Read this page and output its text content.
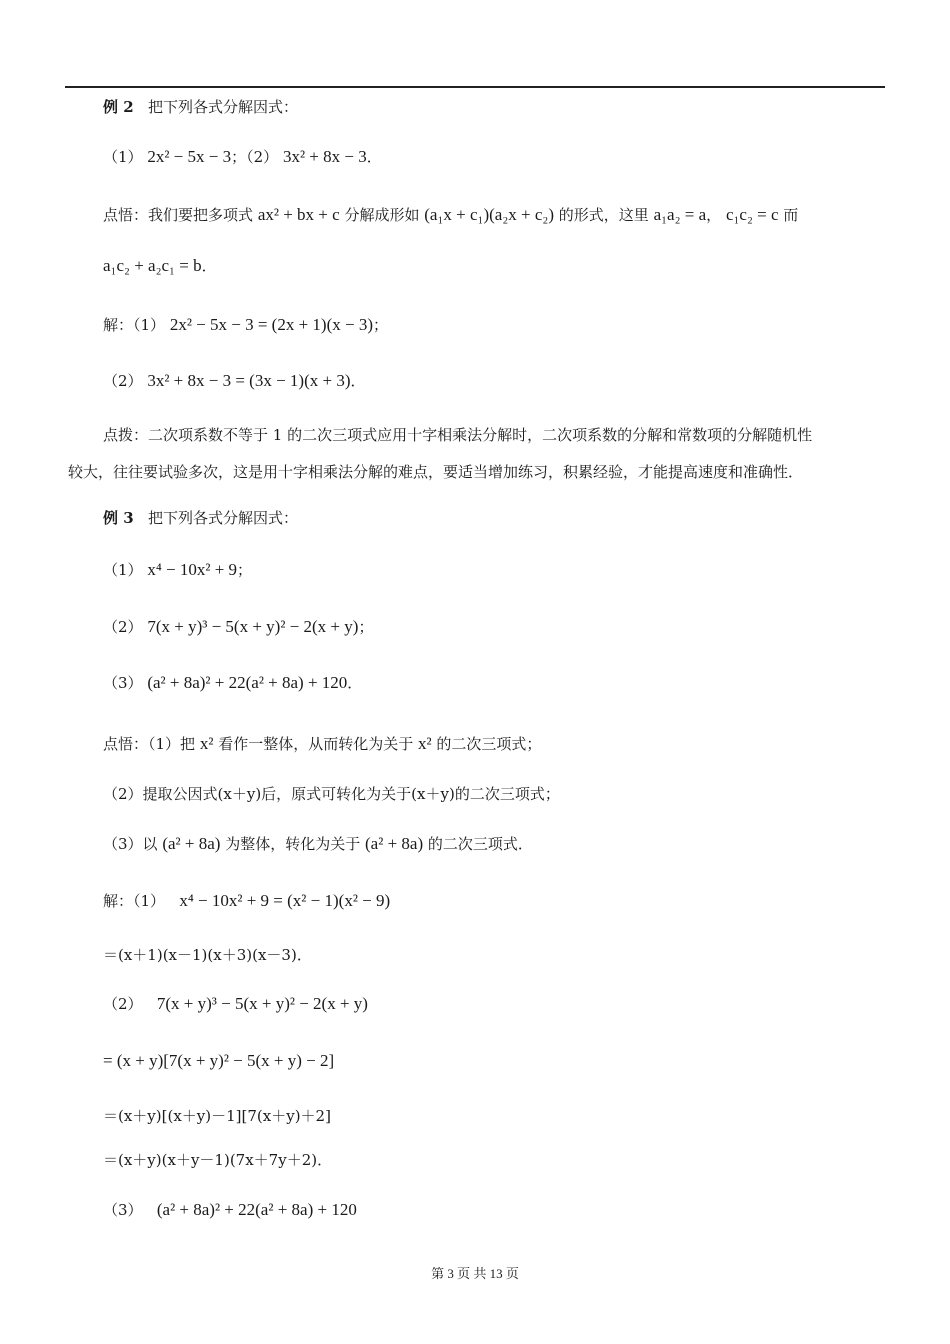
例 2 把下列各式分解因式：
（1） 2x² − 5x − 3；（2） 3x² + 8x − 3．
点悟：我们要把多项式 ax² + bx + c 分解成形如 (a₁x + c₁)(a₂x + c₂) 的形式，这里 a₁a₂ = a， c₁c₂ = c 而
a₁c₂ + a₂c₁ = b．
解：（1） 2x² − 5x − 3 = (2x + 1)(x − 3)；
（2） 3x² + 8x − 3 = (3x − 1)(x + 3)．
点拨：二次项系数不等于 1 的二次三项式应用十字相乘法分解时，二次项系数的分解和常数项的分解随机性
较大，往往要试验多次，这是用十字相乘法分解的难点，要适当增加练习，积累经验，才能提高速度和准确性．
例 3 把下列各式分解因式：
（1） x⁴ − 10x² + 9；
（2） 7(x + y)³ − 5(x + y)² − 2(x + y)；
（3） (a² + 8a)² + 22(a² + 8a) + 120．
点悟：（1）把 x² 看作一整体，从而转化为关于 x² 的二次三项式；
（2）提取公因式(x＋y)后，原式可转化为关于(x＋y)的二次三项式；
（3）以 (a² + 8a) 为整体，转化为关于 (a² + 8a) 的二次三项式．
解：（1） x⁴ − 10x² + 9 = (x² − 1)(x² − 9)
＝(x＋1)(x－1)(x＋3)(x－3)．
（2） 7(x + y)³ − 5(x + y)² − 2(x + y)
= (x + y)[7(x + y)² − 5(x + y) − 2]
＝(x＋y)[(x＋y)－1][7(x＋y)＋2]
＝(x＋y)(x＋y－1)(7x＋7y＋2)．
（3） (a² + 8a)² + 22(a² + 8a) + 120
第 3 页 共 13 页
